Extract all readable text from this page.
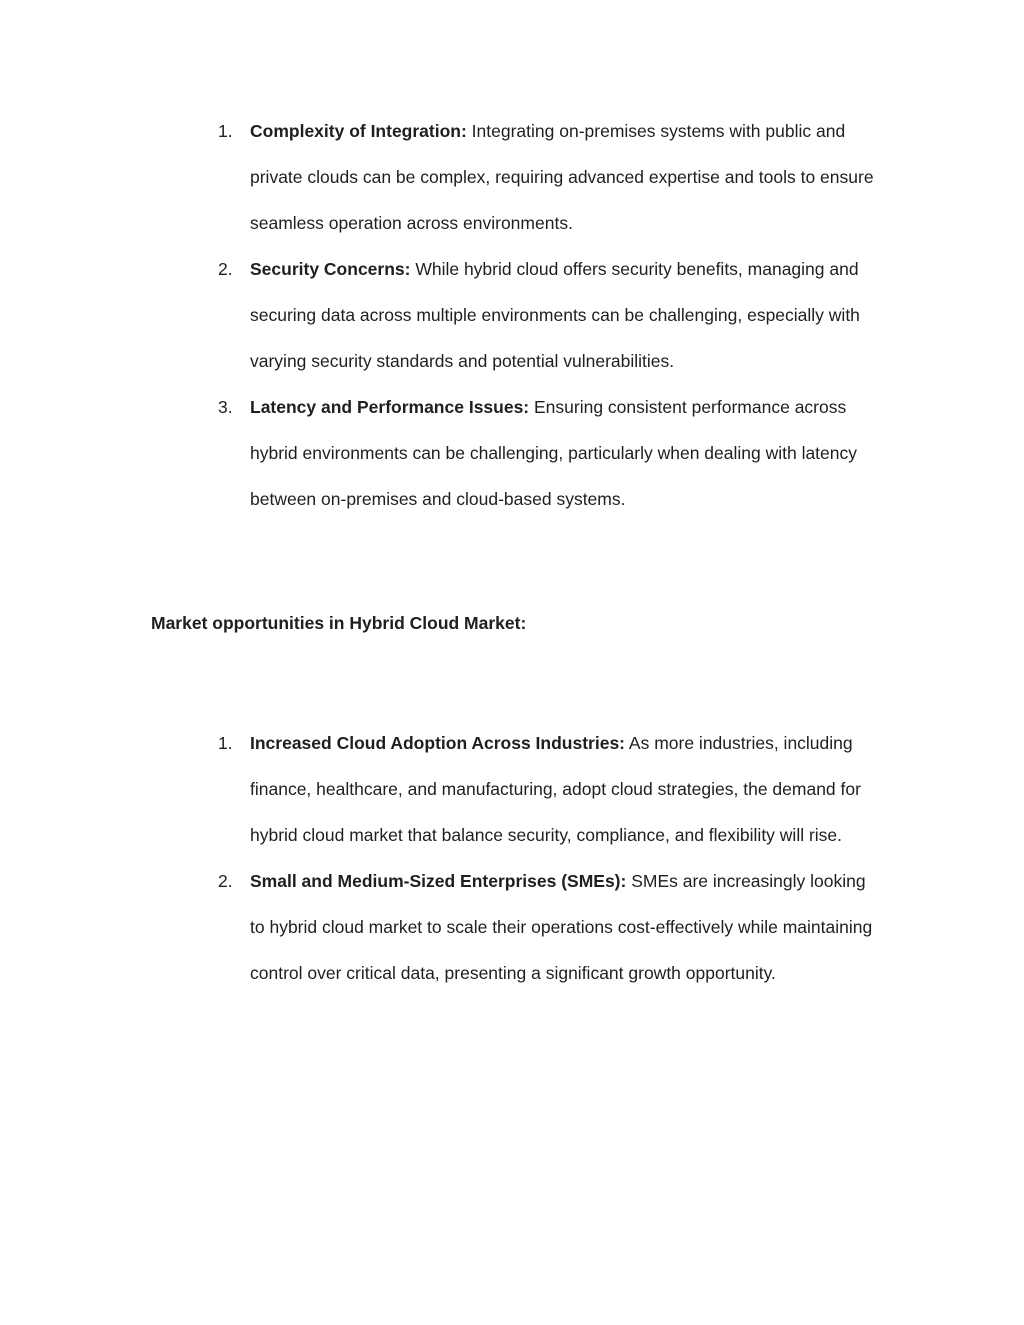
1. Complexity of Integration: Integrating on-premises systems with public and private clouds can be complex, requiring advanced expertise and tools to ensure seamless operation across environments.
2. Security Concerns: While hybrid cloud offers security benefits, managing and securing data across multiple environments can be challenging, especially with varying security standards and potential vulnerabilities.
3. Latency and Performance Issues: Ensuring consistent performance across hybrid environments can be challenging, particularly when dealing with latency between on-premises and cloud-based systems.
Market opportunities in Hybrid Cloud Market:
1. Increased Cloud Adoption Across Industries: As more industries, including finance, healthcare, and manufacturing, adopt cloud strategies, the demand for hybrid cloud market that balance security, compliance, and flexibility will rise.
2. Small and Medium-Sized Enterprises (SMEs): SMEs are increasingly looking to hybrid cloud market to scale their operations cost-effectively while maintaining control over critical data, presenting a significant growth opportunity.
